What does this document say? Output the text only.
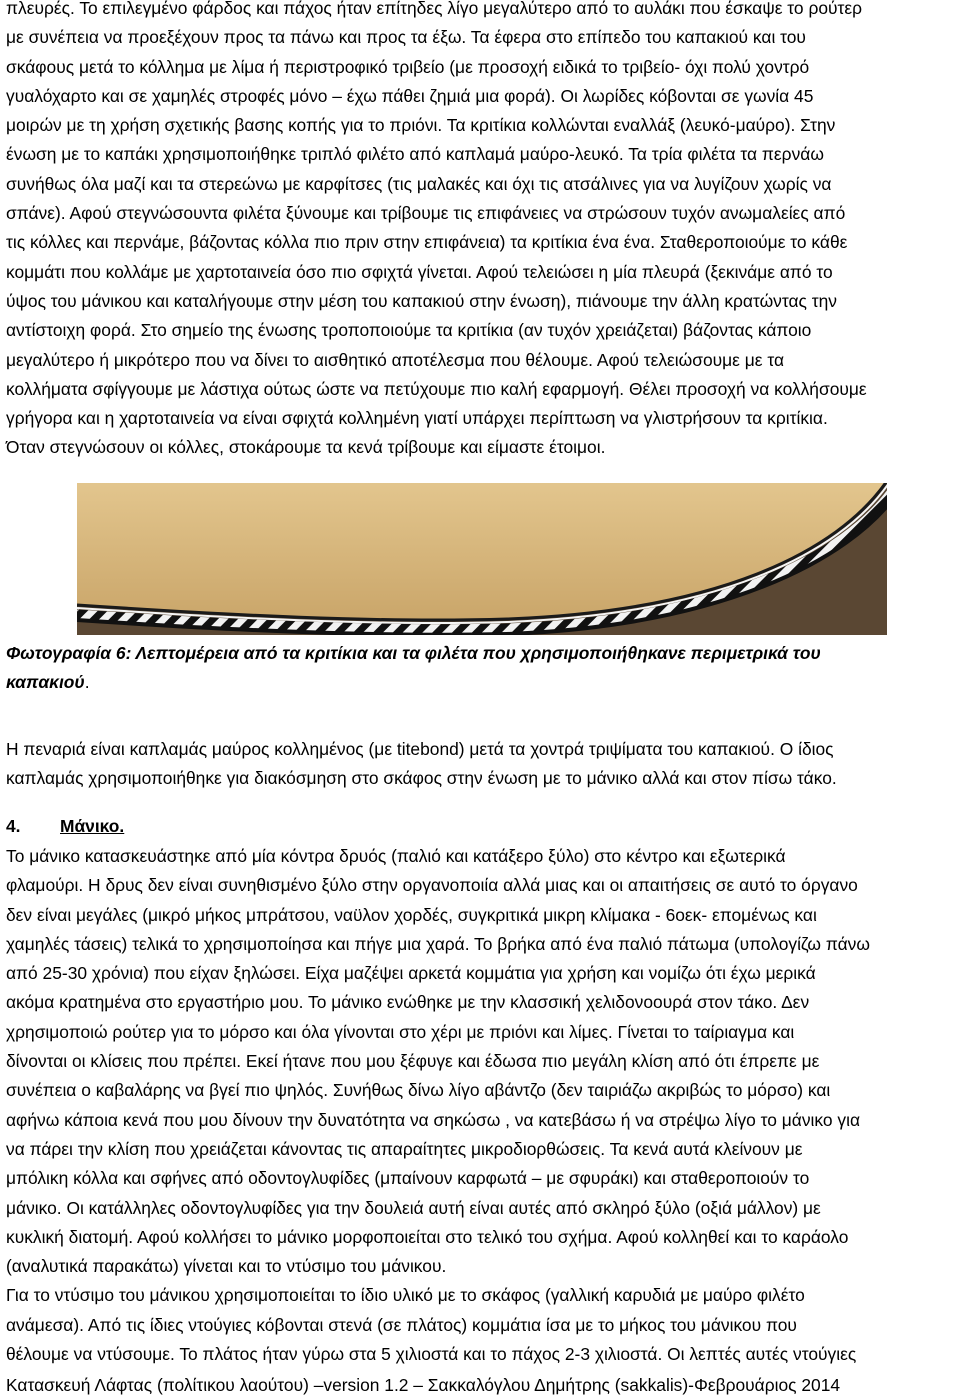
πλευρές. Το επιλεγμένο φάρδος και πάχος ήταν επίτηδες λίγο μεγαλύτερο από το αυλάκι που έσκαψε το ρούτερ

με συνέπεια να προεξέχουν προς τα πάνω και προς τα έξω. Τα έφερα στο επίπεδο του καπακιού και του

σκάφους μετά το κόλλημα με λίμα ή περιστροφικό τριβείο (με προσοχή ειδικά το τριβείο- όχι πολύ χοντρό

γυαλόχαρτο και σε χαμηλές στροφές μόνο – έχω πάθει ζημιά μια φορά). Οι λωρίδες κόβονται σε γωνία 45

μοιρών με τη χρήση σχετικής βασης κοπής για το πριόνι. Τα κριτίκια κολλώνται εναλλάξ (λευκό-μαύρο). Στην

ένωση με το καπάκι χρησιμοποιήθηκε τριπλό φιλέτο από καπλαμά μαύρο-λευκό. Τα τρία φιλέτα τα περνάω

συνήθως όλα μαζί και τα στερεώνω με καρφίτσες (τις μαλακές και όχι τις ατσάλινες για να λυγίζουν χωρίς να

σπάνε). Αφού στεγνώσουντα φιλέτα ξύνουμε και τρίβουμε τις επιφάνειες να στρώσουν τυχόν ανωμαλείες από

τις κόλλες και περνάμε, βάζοντας κόλλα πιο πριν στην επιφάνεια) τα κριτίκια ένα ένα. Σταθεροποιούμε το κάθε

κομμάτι που κολλάμε με χαρτοταινεία όσο πιο σφιχτά γίνεται. Αφού τελειώσει η μία πλευρά (ξεκινάμε από το

ύψος του μάνικου και καταλήγουμε στην μέση του καπακιού στην ένωση), πιάνουμε την άλλη κρατώντας την

αντίστοιχη φορά. Στο σημείο της ένωσης τροποποιούμε τα κριτίκια (αν τυχόν χρειάζεται) βάζοντας κάποιο

μεγαλύτερο ή μικρότερο που να δίνει το αισθητικό αποτέλεσμα που θέλουμε. Αφού τελειώσουμε με τα

κολλήματα σφίγγουμε με λάστιχα ούτως ώστε να πετύχουμε πιο καλή εφαρμογή. Θέλει προσοχή να κολλήσουμε

γρήγορα και η χαρτοταινεία να είναι σφιχτά κολλημένη γιατί υπάρχει περίπτωση να γλιστρήσουν τα κριτίκια.

Όταν στεγνώσουν οι κόλλες, στοκάρουμε τα κενά τρίβουμε και είμαστε έτοιμοι.

Φωτογραφία 6: Λεπτομέρεια από τα κριτίκια και τα φιλέτα που χρησιμοποιήθηκανε περιμετρικά του

καπακιού.

Η πεναριά είναι καπλαμάς μαύρος κολλημένος (με titebond) μετά τα χοντρά τριψίματα του καπακιού. Ο ίδιος

καπλαμάς χρησιμοποιήθηκε για διακόσμηση στο σκάφος στην ένωση με το μάνικο αλλά και στον πίσω τάκο.

4. Μάνικο.

Το μάνικο κατασκευάστηκε από μία κόντρα δρυός (παλιό και κατάξερο ξύλο) στο κέντρο και εξωτερικά

φλαμούρι. Η δρυς δεν είναι συνηθισμένο ξύλο στην οργανοποιία αλλά μιας και οι απαιτήσεις σε αυτό το όργανο

δεν είναι μεγάλες (μικρό μήκος μπράτσου, ναϋλον χορδές, συγκριτικά μικρη κλίμακα - 6οεκ- επομένως και

χαμηλές τάσεις) τελικά το χρησιμοποίησα και πήγε μια χαρά. Το βρήκα από ένα παλιό πάτωμα (υπολογίζω πάνω

από 25-30 χρόνια) που είχαν ξηλώσει. Είχα μαζέψει αρκετά κομμάτια για χρήση και νομίζω ότι έχω μερικά

ακόμα κρατημένα στο εργαστήριο μου. Το μάνικο ενώθηκε με την κλασσική χελιδονοουρά στον τάκο. Δεν

χρησιμοποιώ ρούτερ για το μόρσο και όλα γίνονται στο χέρι με πριόνι και λίμες. Γίνεται το ταίριαγμα και

δίνονται οι κλίσεις που πρέπει. Εκεί ήτανε που μου ξέφυγε και έδωσα πιο μεγάλη κλίση από ότι έπρεπε με

συνέπεια ο καβαλάρης να βγεί πιο ψηλός. Συνήθως δίνω λίγο αβάντζο (δεν ταιριάζω ακριβώς το μόρσο) και

αφήνω κάποια κενά που μου δίνουν την δυνατότητα να σηκώσω , να κατεβάσω ή να στρέψω λίγο το μάνικο για

να πάρει την κλίση που χρειάζεται κάνοντας τις απαραίτητες μικροδιορθώσεις. Τα κενά αυτά κλείνουν με

μπόλικη κόλλα και σφήνες από οδοντογλυφίδες (μπαίνουν καρφωτά – με σφυράκι) και σταθεροποιούν το

μάνικο. Οι κατάλληλες οδοντογλυφίδες για την δουλειά αυτή είναι αυτές από σκληρό ξύλο (οξιά μάλλον) με

κυκλική διατομή. Αφού κολλήσει το μάνικο μορφοποιείται στο τελικό του σχήμα. Αφού κολληθεί και το καράολο

(αναλυτικά παρακάτω) γίνεται και το ντύσιμο του μάνικου.

Για το ντύσιμο του μάνικου χρησιμοποιείται το ίδιο υλικό με το σκάφος (γαλλική καρυδιά με μαύρο φιλέτο

ανάμεσα). Από τις ίδιες ντούγιες κόβονται στενά (σε πλάτος) κομμάτια ίσα με το μήκος του μάνικου που

θέλουμε να ντύσουμε. Το πλάτος ήταν γύρω στα 5 χιλιοστά και το πάχος 2-3 χιλιοστά. Οι λεπτές αυτές ντούγιες

Κατασκευή Λάφτας (πολίτικου λαούτου) –version 1.2 – Σακκαλόγλου Δημήτρης (sakkalis)-Φεβρουάριος 2014
